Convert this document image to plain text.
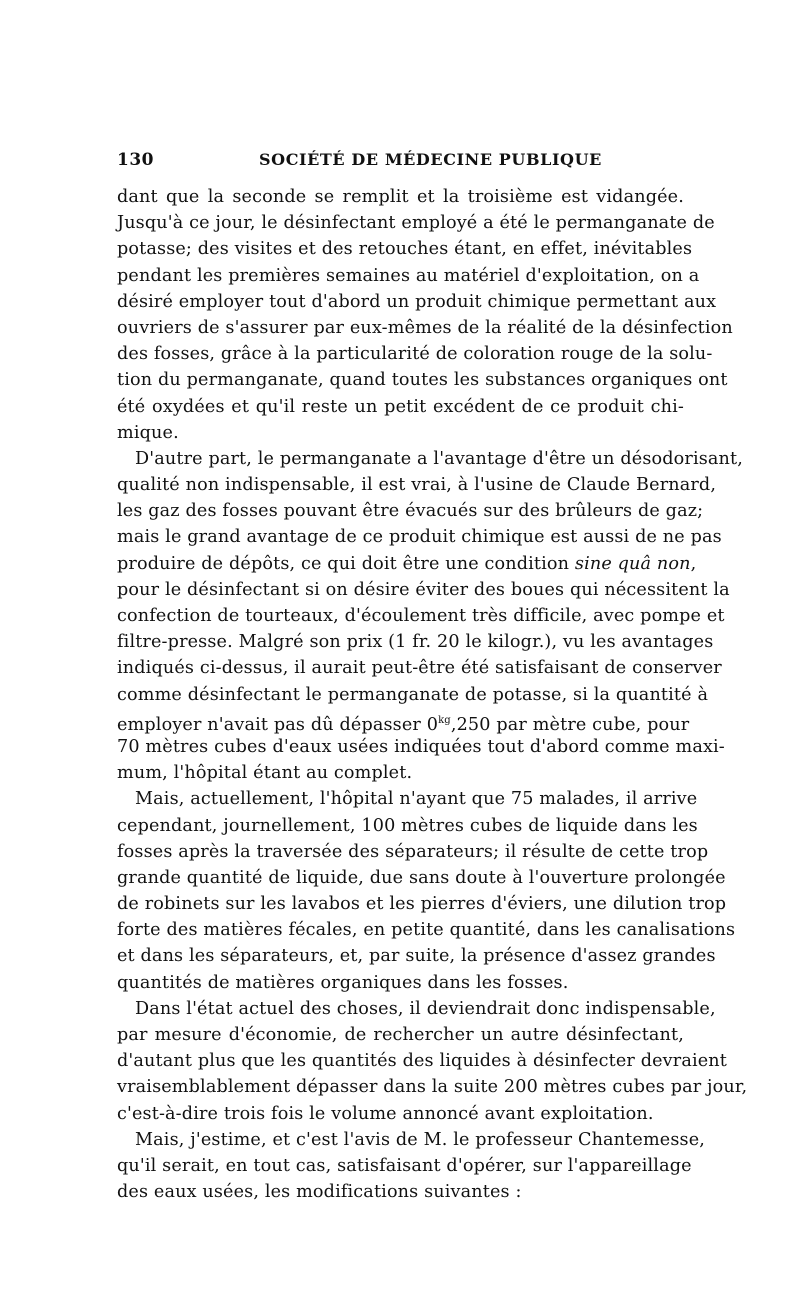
130	SOCIÉTÉ DE MÉDECINE PUBLIQUE
dant que la seconde se remplit et la troisième est vidangée.
Jusqu'à ce jour, le désinfectant employé a été le permanganate de
potasse; des visites et des retouches étant, en effet, inévitables
pendant les premières semaines au matériel d'exploitation, on a
désiré employer tout d'abord un produit chimique permettant aux
ouvriers de s'assurer par eux-mêmes de la réalité de la désinfection
des fosses, grâce à la particularité de coloration rouge de la solu-
tion du permanganate, quand toutes les substances organiques ont
été oxydées et qu'il reste un petit excédent de ce produit chi-
mique.
D'autre part, le permanganate a l'avantage d'être un désodorisant,
qualité non indispensable, il est vrai, à l'usine de Claude Bernard,
les gaz des fosses pouvant être évacués sur des brûleurs de gaz;
mais le grand avantage de ce produit chimique est aussi de ne pas
produire de dépôts, ce qui doit être une condition sine quâ non,
pour le désinfectant si on désire éviter des boues qui nécessitent la
confection de tourteaux, d'écoulement très difficile, avec pompe et
filtre-presse. Malgré son prix (1 fr. 20 le kilogr.), vu les avantages
indiqués ci-dessus, il aurait peut-être été satisfaisant de conserver
comme désinfectant le permanganate de potasse, si la quantité à
employer n'avait pas dû dépasser $0^{kg},250$ par mètre cube, pour
70 mètres cubes d'eaux usées indiquées tout d'abord comme maxi-
mum, l'hôpital étant au complet.
Mais, actuellement, l'hôpital n'ayant que 75 malades, il arrive
cependant, journellement, 100 mètres cubes de liquide dans les
fosses après la traversée des séparateurs; il résulte de cette trop
grande quantité de liquide, due sans doute à l'ouverture prolongée
de robinets sur les lavabos et les pierres d'éviers, une dilution trop
forte des matières fécales, en petite quantité, dans les canalisations
et dans les séparateurs, et, par suite, la présence d'assez grandes
quantités de matières organiques dans les fosses.
Dans l'état actuel des choses, il deviendrait donc indispensable,
par mesure d'économie, de rechercher un autre désinfectant,
d'autant plus que les quantités des liquides à désinfecter devraient
vraisemblablement dépasser dans la suite 200 mètres cubes par jour,
c'est-à-dire trois fois le volume annoncé avant exploitation.
Mais, j'estime, et c'est l'avis de M. le professeur Chantemesse,
qu'il serait, en tout cas, satisfaisant d'opérer, sur l'appareillage
des eaux usées, les modifications suivantes :
